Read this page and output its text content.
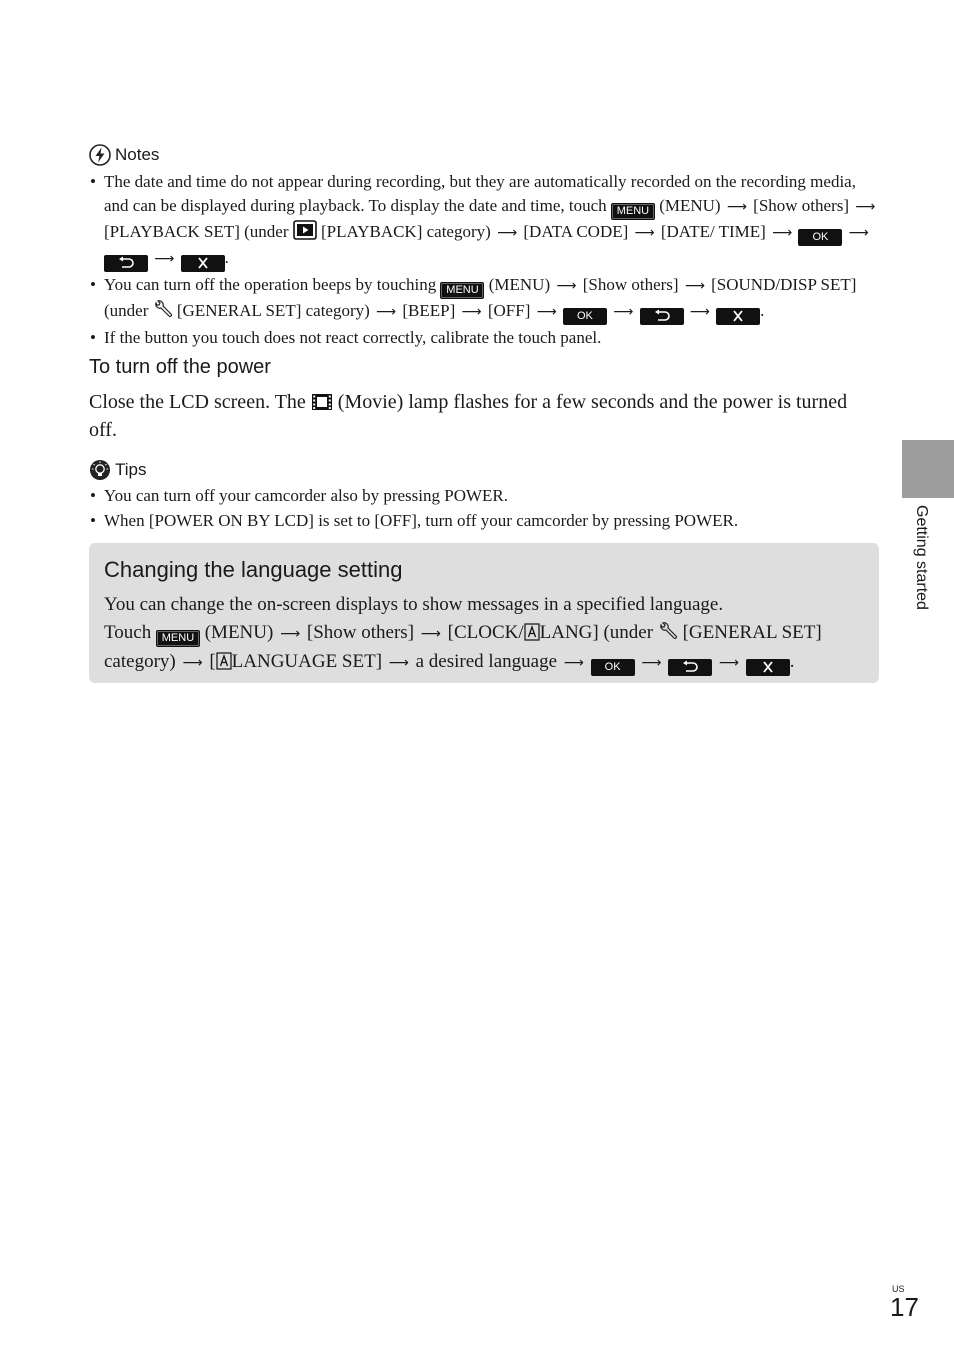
Notes
• The date and time do not appear during recording, but they are automatically recorded on the recording media, and can be displayed during playback. To display the date and time, touch MENU (MENU) ⟶ [Show others] ⟶ [PLAYBACK SET] (under [PLAYBACK] category) ⟶ [DATA CODE] ⟶ [DATE/ TIME] ⟶ OK ⟶  ⟶	.
• You can turn off the operation beeps by touching MENU (MENU) ⟶ [Show others] ⟶ [SOUND/DISP SET] (under [GENERAL SET] category) ⟶ [BEEP] ⟶ [OFF] ⟶ OK ⟶	⟶	.
• If the button you touch does not react correctly, calibrate the touch panel.
To turn off the power
Close the LCD screen. The (Movie) lamp flashes for a few seconds and the power is turned off.
Tips
• You can turn off your camcorder also by pressing POWER.
• When [POWER ON BY LCD] is set to [OFF], turn off your camcorder by pressing POWER.
Changing the language setting
You can change the on-screen displays to show messages in a specified language.
Touch MENU (MENU) ⟶ [Show others] ⟶ [CLOCK/ LANG] (under [GENERAL SET] category) ⟶ [ LANGUAGE SET] ⟶ a desired language ⟶ OK ⟶	⟶	.
Getting started
US
17
